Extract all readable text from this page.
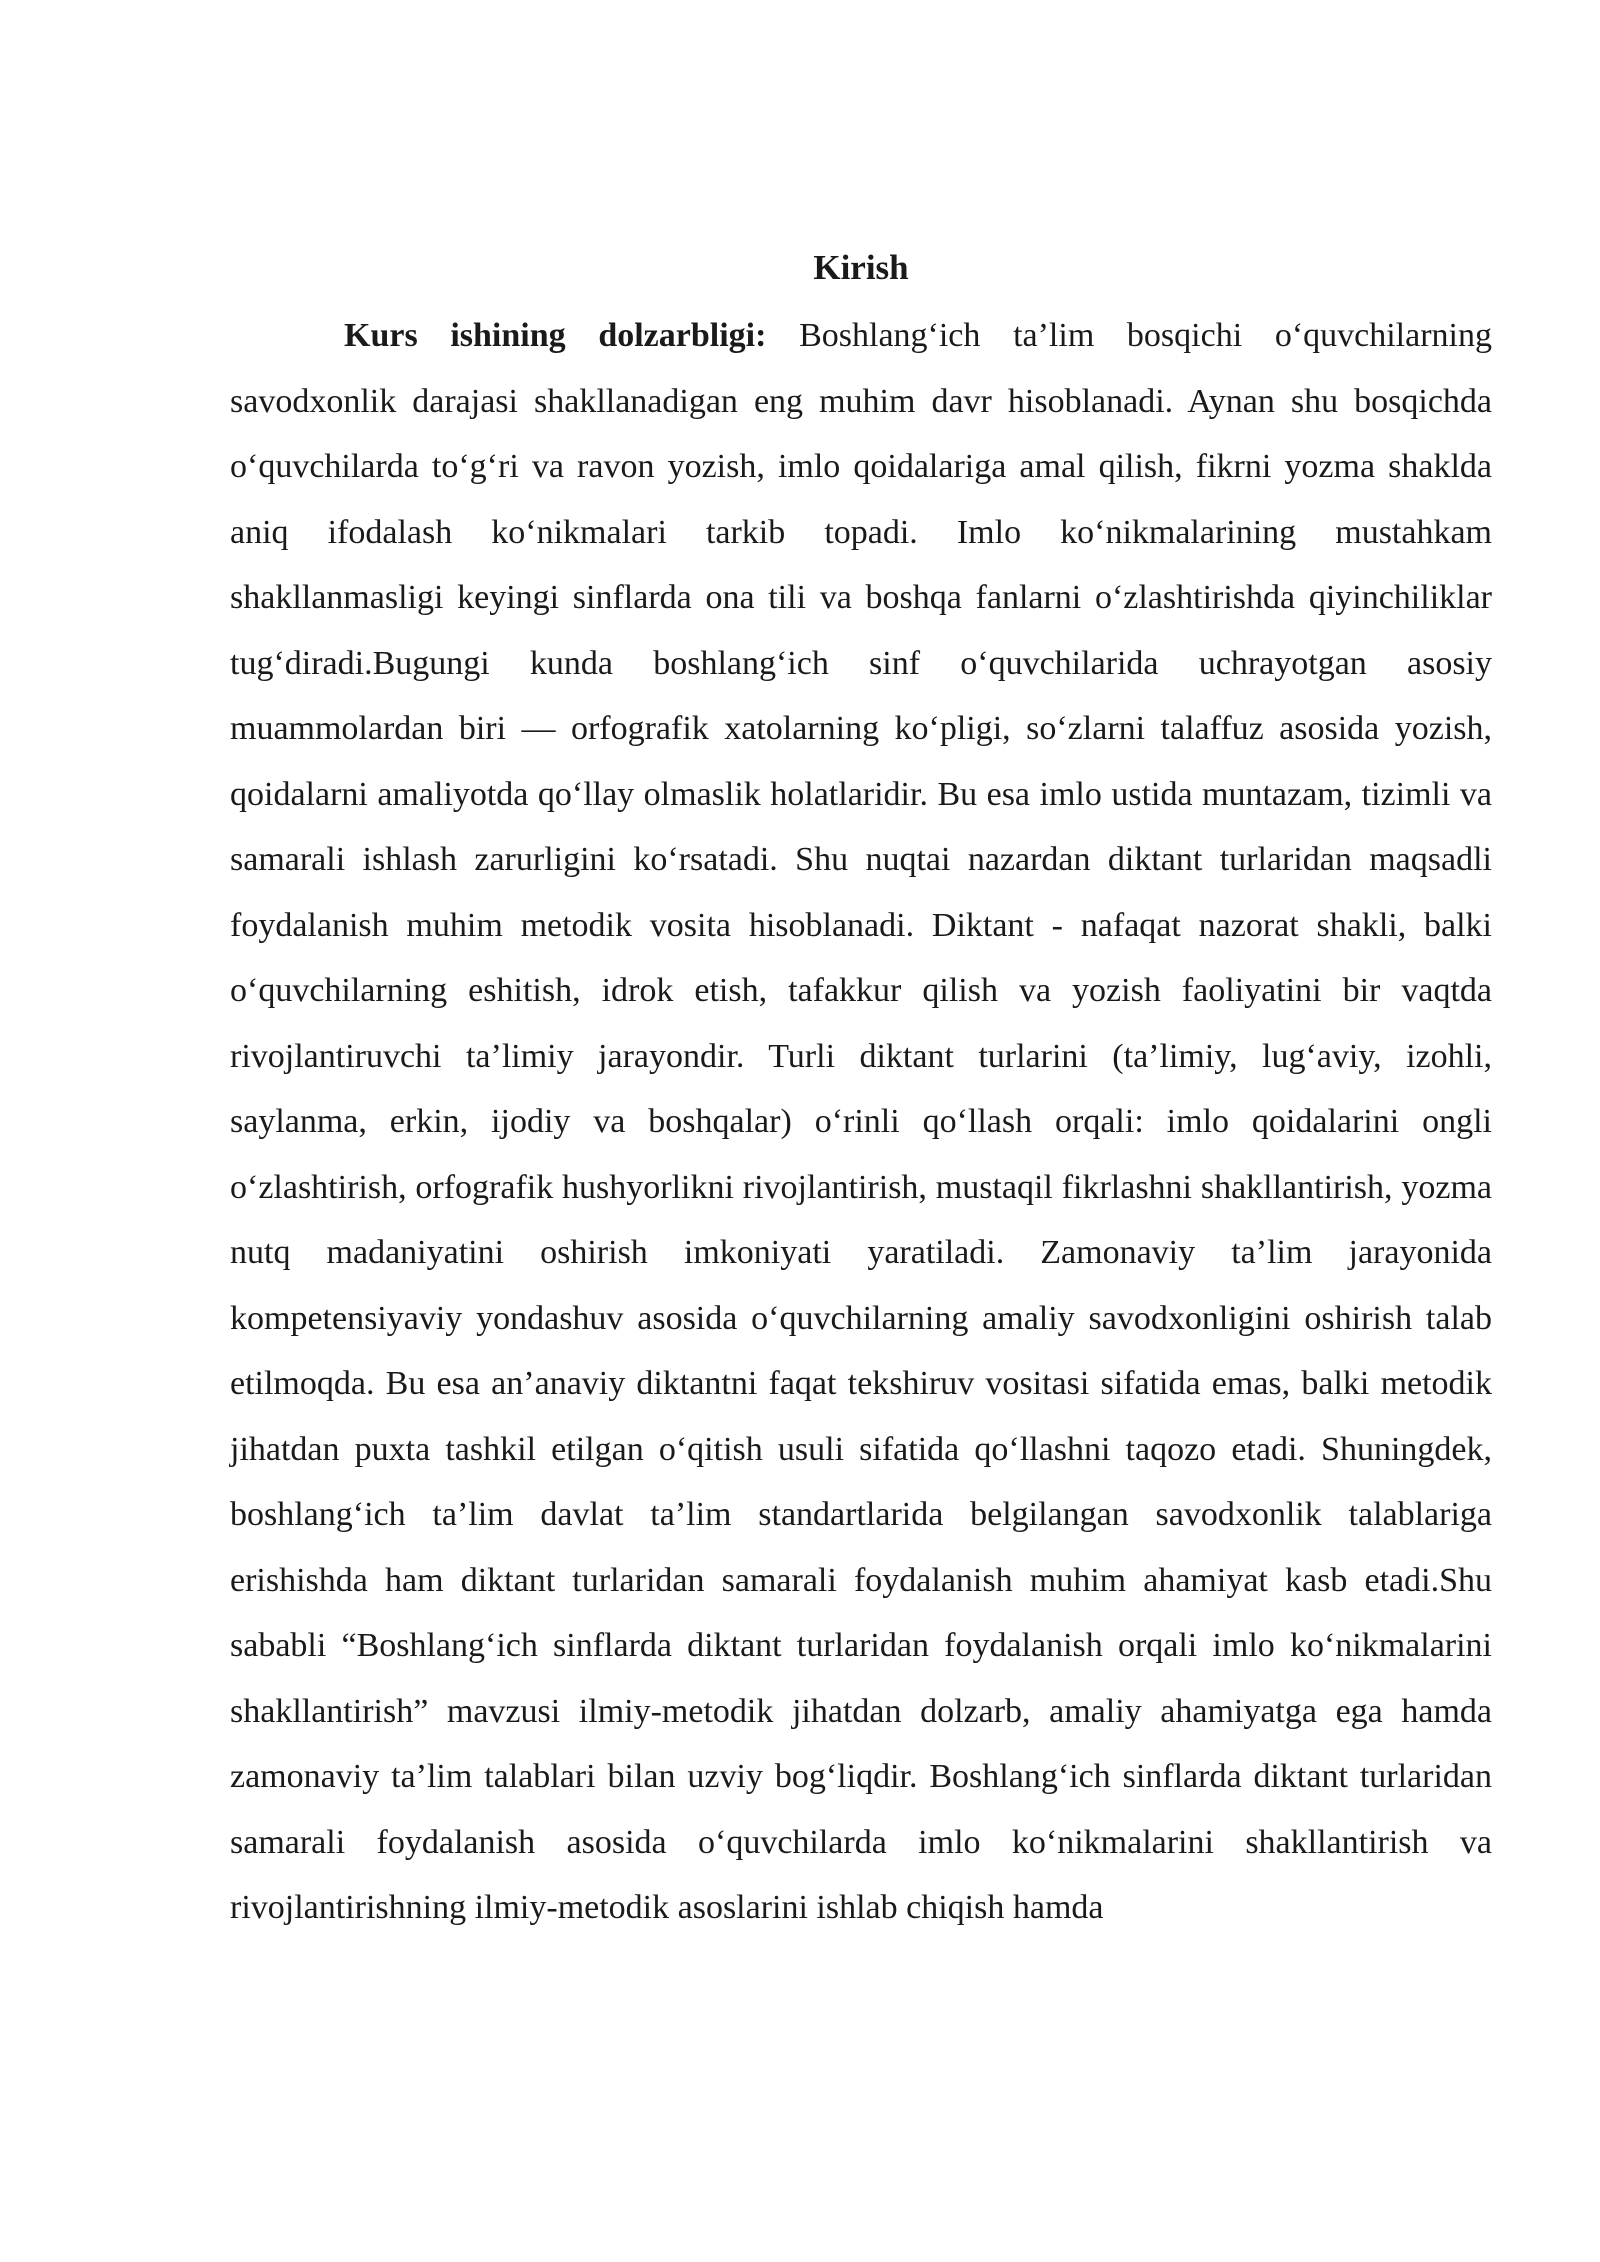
Kirish

Kurs ishining dolzarbligi: Boshlang‘ich ta’lim bosqichi o‘quvchilarning savodxonlik darajasi shakllanadigan eng muhim davr hisoblanadi. Aynan shu bosqichda o‘quvchilarda to‘g‘ri va ravon yozish, imlo qoidalariga amal qilish, fikrni yozma shaklda aniq ifodalash ko‘nikmalari tarkib topadi. Imlo ko‘nikmalarining mustahkam shakllanmasligi keyingi sinflarda ona tili va boshqa fanlarni o‘zlashtirishda qiyinchiliklar tug‘diradi.Bugungi kunda boshlang‘ich sinf o‘quvchilarida uchrayotgan asosiy muammolardan biri — orfografik xatolarning ko‘pligi, so‘zlarni talaffuz asosida yozish, qoidalarni amaliyotda qo‘llay olmaslik holatlaridir. Bu esa imlo ustida muntazam, tizimli va samarali ishlash zarurligini ko‘rsatadi. Shu nuqtai nazardan diktant turlaridan maqsadli foydalanish muhim metodik vosita hisoblanadi. Diktant - nafaqat nazorat shakli, balki o‘quvchilarning eshitish, idrok etish, tafakkur qilish va yozish faoliyatini bir vaqtda rivojlantiruvchi ta’limiy jarayondir. Turli diktant turlarini (ta’limiy, lug‘aviy, izohli, saylanma, erkin, ijodiy va boshqalar) o‘rinli qo‘llash orqali: imlo qoidalarini ongli o‘zlashtirish, orfografik hushyorlikni rivojlantirish, mustaqil fikrlashni shakllantirish, yozma nutq madaniyatini oshirish imkoniyati yaratiladi. Zamonaviy ta’lim jarayonida kompetensiyaviy yondashuv asosida o‘quvchilarning amaliy savodxonligini oshirish talab etilmoqda. Bu esa an’anaviy diktantni faqat tekshiruv vositasi sifatida emas, balki metodik jihatdan puxta tashkil etilgan o‘qitish usuli sifatida qo‘llashni taqozo etadi. Shuningdek, boshlang‘ich ta’lim davlat ta’lim standartlarida belgilangan savodxonlik talablariga erishishda ham diktant turlaridan samarali foydalanish muhim ahamiyat kasb etadi.Shu sababli “Boshlang‘ich sinflarda diktant turlaridan foydalanish orqali imlo ko‘nikmalarini shakllantirish” mavzusi ilmiy-metodik jihatdan dolzarb, amaliy ahamiyatga ega hamda zamonaviy ta’lim talablari bilan uzviy bog‘liqdir. Boshlang‘ich sinflarda diktant turlaridan samarali foydalanish asosida o‘quvchilarda imlo ko‘nikmalarini shakllantirish va rivojlantirishning ilmiy-metodik asoslarini ishlab chiqish hamda
